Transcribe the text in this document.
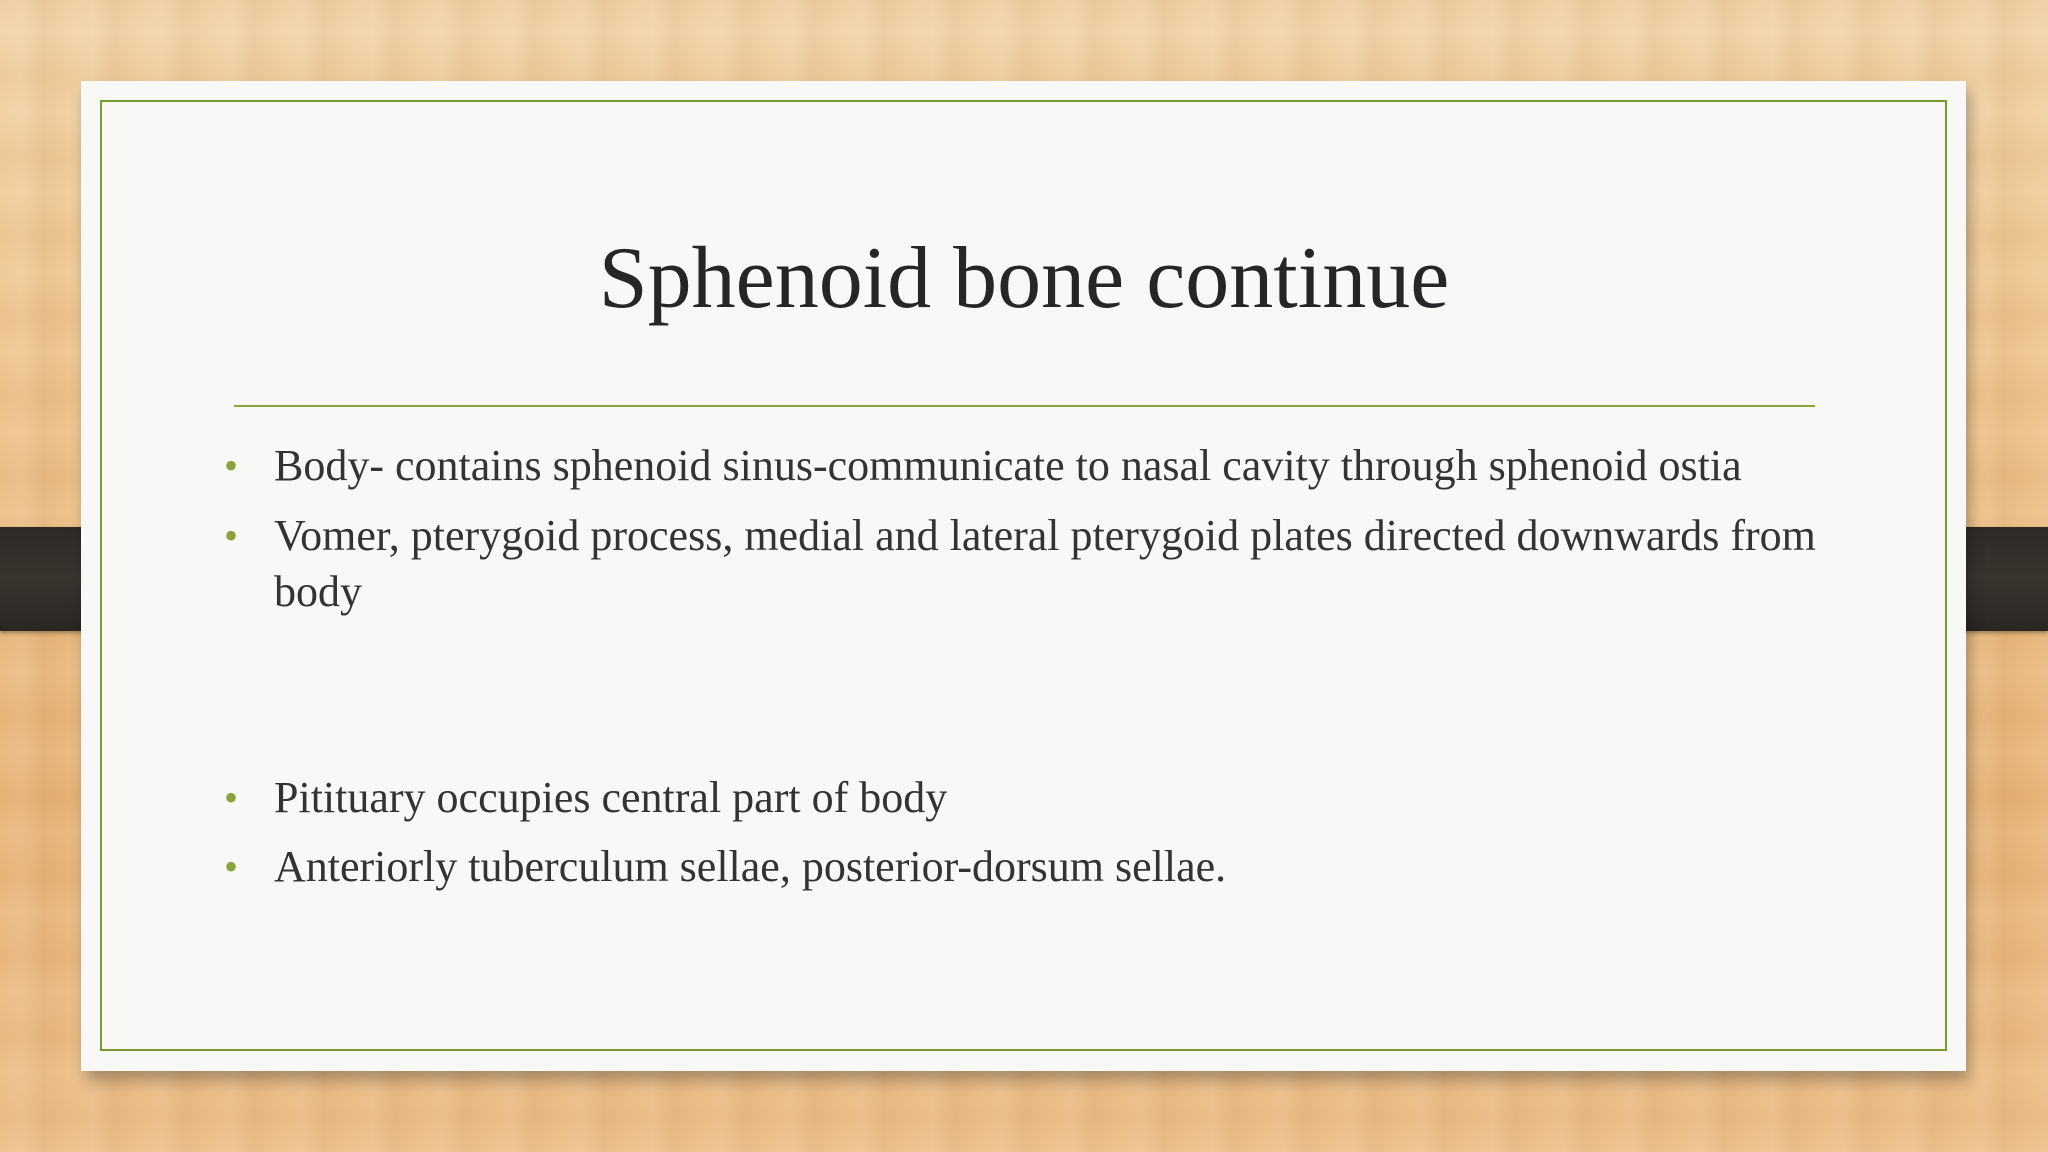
Sphenoid bone continue
• Body- contains sphenoid sinus-communicate to nasal cavity through sphenoid ostia
• Vomer, pterygoid process, medial and lateral pterygoid plates directed downwards from body
• Pitituary occupies central part of body
• Anteriorly tuberculum sellae, posterior-dorsum sellae.
